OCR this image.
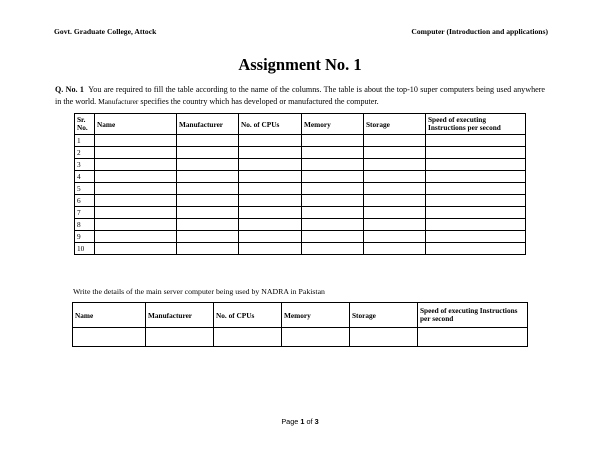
Govt. Graduate College, Attock	Computer (Introduction and applications)
Assignment No. 1
Q. No. 1 You are required to fill the table according to the name of the columns. The table is about the top-10 super computers being used anywhere in the world. Manufacturer specifies the country which has developed or manufactured the computer.
Sr. No.	Name	Manufacturer	No. of CPUs	Memory	Storage	Speed of executing Instructions per second
1						
2						
3						
4						
5						
6						
7						
8						
9						
10						
Write the details of the main server computer being used by NADRA in Pakistan
Name	Manufacturer	No. of CPUs	Memory	Storage	Speed of executing Instructions per second

Page 1 of 3
